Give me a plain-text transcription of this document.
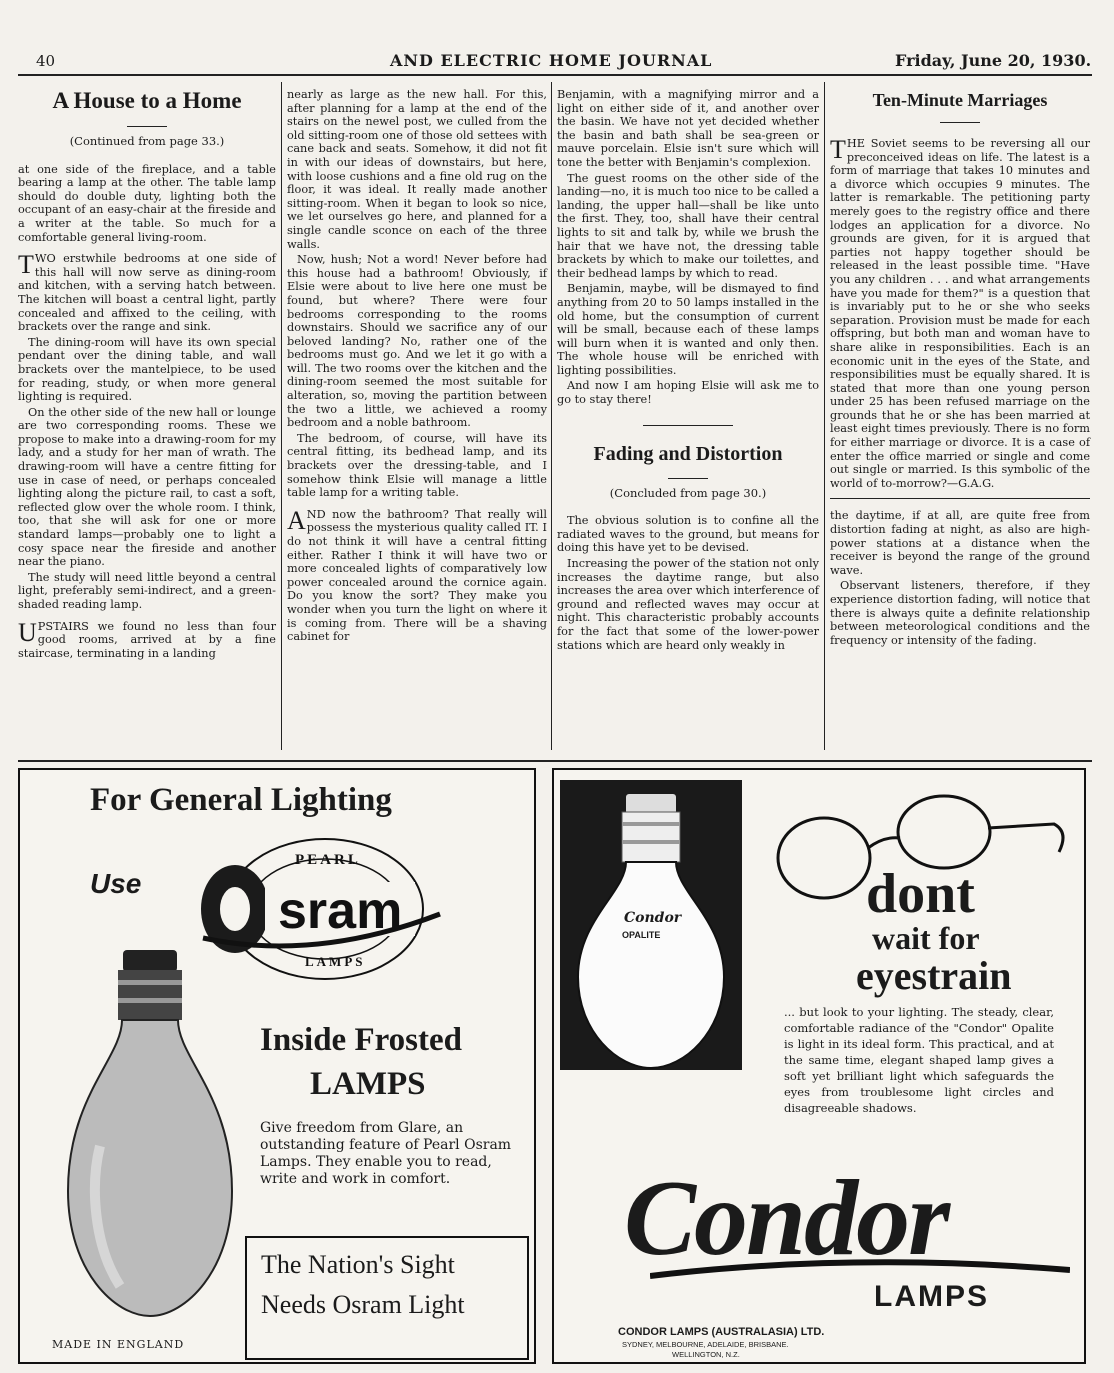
40	AND ELECTRIC HOME JOURNAL	Friday, June 20, 1930.
A House to a Home
(Continued from page 33.)

at one side of the fireplace, and a table bearing a lamp at the other. The table lamp should do double duty, lighting both the occupant of an easy-chair at the fireside and a writer at the table. So much for a comfortable general living-room.

TWO erstwhile bedrooms at one side of this hall will now serve as dining-room and kitchen, with a serving hatch between. The kitchen will boast a central light, partly concealed and affixed to the ceiling, with brackets over the range and sink.

The dining-room will have its own special pendant over the dining table, and wall brackets over the mantelpiece, to be used for reading, study, or when more general lighting is required.

On the other side of the new hall or lounge are two corresponding rooms. These we propose to make into a drawing-room for my lady, and a study for her man of wrath. The drawing-room will have a centre fitting for use in case of need, or perhaps concealed lighting along the picture rail, to cast a soft, reflected glow over the whole room. I think, too, that she will ask for one or more standard lamps—probably one to light a cosy space near the fireside and another near the piano.

The study will need little beyond a central light, preferably semi-indirect, and a green-shaded reading lamp.

UPSTAIRS we found no less than four good rooms, arrived at by a fine staircase, terminating in a landing

nearly as large as the new hall. For this, after planning for a lamp at the end of the stairs on the newel post, we culled from the old sitting-room one of those old settees with cane back and seats. Somehow, it did not fit in with our ideas of downstairs, but here, with loose cushions and a fine old rug on the floor, it was ideal. It really made another sitting-room. When it began to look so nice, we let ourselves go here, and planned for a single candle sconce on each of the three walls.

Now, hush; Not a word! Never before had this house had a bathroom! Obviously, if Elsie were about to live here one must be found, but where? There were four bedrooms corresponding to the rooms downstairs. Should we sacrifice any of our beloved landing? No, rather one of the bedrooms must go. And we let it go with a will. The two rooms over the kitchen and the dining-room seemed the most suitable for alteration, so, moving the partition between the two a little, we achieved a roomy bedroom and a noble bathroom.

The bedroom, of course, will have its central fitting, its bedhead lamp, and its brackets over the dressing-table, and I somehow think Elsie will manage a little table lamp for a writing table.

AND now the bathroom? That really will possess the mysterious quality called IT. I do not think it will have a central fitting either. Rather I think it will have two or more concealed lights of comparatively low power concealed around the cornice again. Do you know the sort? They make you wonder when you turn the light on where it is coming from. There will be a shaving cabinet for

Benjamin, with a magnifying mirror and a light on either side of it, and another over the basin. We have not yet decided whether the basin and bath shall be sea-green or mauve porcelain. Elsie isn't sure which will tone the better with Benjamin's complexion.

The guest rooms on the other side of the landing—no, it is much too nice to be called a landing, the upper hall—shall be like unto the first. They, too, shall have their central lights to sit and talk by, while we brush the hair that we have not, the dressing table brackets by which to make our toilettes, and their bedhead lamps by which to read.

Benjamin, maybe, will be dismayed to find anything from 20 to 50 lamps installed in the old home, but the consumption of current will be small, because each of these lamps will burn when it is wanted and only then. The whole house will be enriched with lighting possibilities.

And now I am hoping Elsie will ask me to go to stay there!

Fading and Distortion
(Concluded from page 30.)

The obvious solution is to confine all the radiated waves to the ground, but means for doing this have yet to be devised.

Increasing the power of the station not only increases the daytime range, but also increases the area over which interference of ground and reflected waves may occur at night. This characteristic probably accounts for the fact that some of the lower-power stations which are heard only weakly in

Ten-Minute Marriages

THE Soviet seems to be reversing all our preconceived ideas on life. The latest is a form of marriage that takes 10 minutes and a divorce which occupies 9 minutes. The latter is remarkable. The petitioning party merely goes to the registry office and there lodges an application for a divorce. No grounds are given, for it is argued that parties not happy together should be released in the least possible time. "Have you any children . . . and what arrangements have you made for them?" is a question that is invariably put to he or she who seeks separation. Provision must be made for each offspring, but both man and woman have to share alike in responsibilities. Each is an economic unit in the eyes of the State, and responsibilities must be equally shared. It is stated that more than one young person under 25 has been refused marriage on the grounds that he or she has been married at least eight times previously. There is no form for either marriage or divorce. It is a case of enter the office married or single and come out single or married. Is this symbolic of the world of to-morrow?—G.A.G.

the daytime, if at all, are quite free from distortion fading at night, as also are high-power stations at a distance when the receiver is beyond the range of the ground wave.

Observant listeners, therefore, if they experience distortion fading, will notice that there is always quite a definite relationship between meteorological conditions and the frequency or intensity of the fading.

For General Lighting
Use	sram
PEARL
LAMPS
Inside Frosted
LAMPS
Give freedom from Glare, an outstanding feature of Pearl Osram Lamps. They enable you to read, write and work in comfort.
The Nation's Sight
Needs Osram Light
MADE IN ENGLAND
Condor
OPALITE
dont
wait for
eyestrain
... but look to your lighting. The steady, clear, comfortable radiance of the "Condor" Opalite is light in its ideal form. This practical, and at the same time, elegant shaped lamp gives a soft yet brilliant light which safeguards the eyes from troublesome light circles and disagreeable shadows.
Condor
LAMPS
CONDOR LAMPS (AUSTRALASIA) LTD.
SYDNEY, MELBOURNE, ADELAIDE, BRISBANE.
WELLINGTON, N.Z.
